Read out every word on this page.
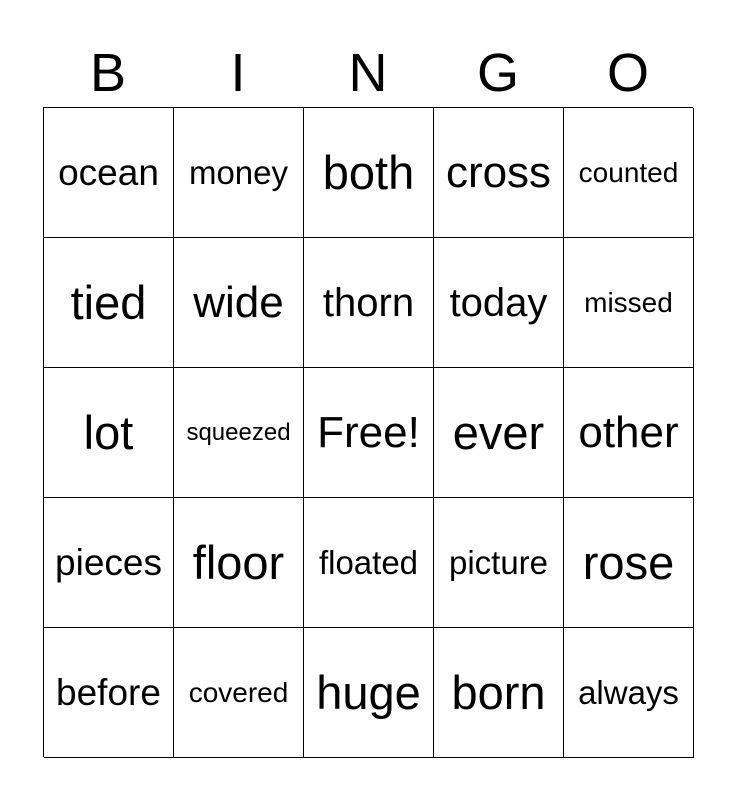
B	I	N	G	O
ocean money both cross counted
tied	wide thorn today	missed
lot	squeezed Free! ever other
pieces floor	floated picture rose
before covered huge born always
